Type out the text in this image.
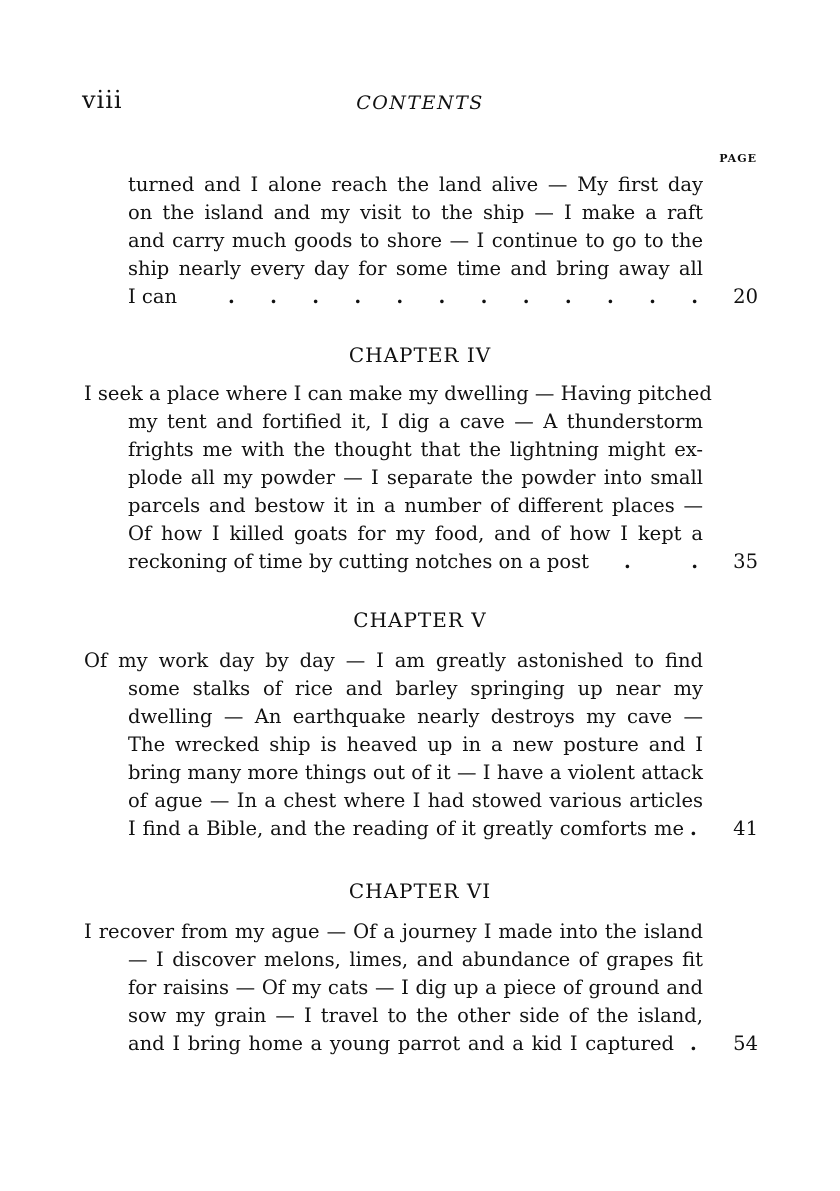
viii	CONTENTS
PAGE
turned and I alone reach the land alive — My first day
on the island and my visit to the ship — I make a raft
and carry much goods to shore — I continue to go to the
ship nearly every day for some time and bring away all
I can	. . . . . . . . . . . .	20
CHAPTER IV
I seek a place where I can make my dwelling — Having pitched
my tent and fortified it, I dig a cave — A thunderstorm
frights me with the thought that the lightning might ex-
plode all my powder — I separate the powder into small
parcels and bestow it in a number of different places —
Of how I killed goats for my food, and of how I kept a
reckoning of time by cutting notches on a post	. .	35
CHAPTER V
Of my work day by day — I am greatly astonished to find
some stalks of rice and barley springing up near my
dwelling — An earthquake nearly destroys my cave —
The wrecked ship is heaved up in a new posture and I
bring many more things out of it — I have a violent attack
of ague — In a chest where I had stowed various articles
I find a Bible, and the reading of it greatly comforts me .	41
CHAPTER VI
I recover from my ague — Of a journey I made into the island
— I discover melons, limes, and abundance of grapes fit
for raisins — Of my cats — I dig up a piece of ground and
sow my grain — I travel to the other side of the island,
and I bring home a young parrot and a kid I captured .	54
